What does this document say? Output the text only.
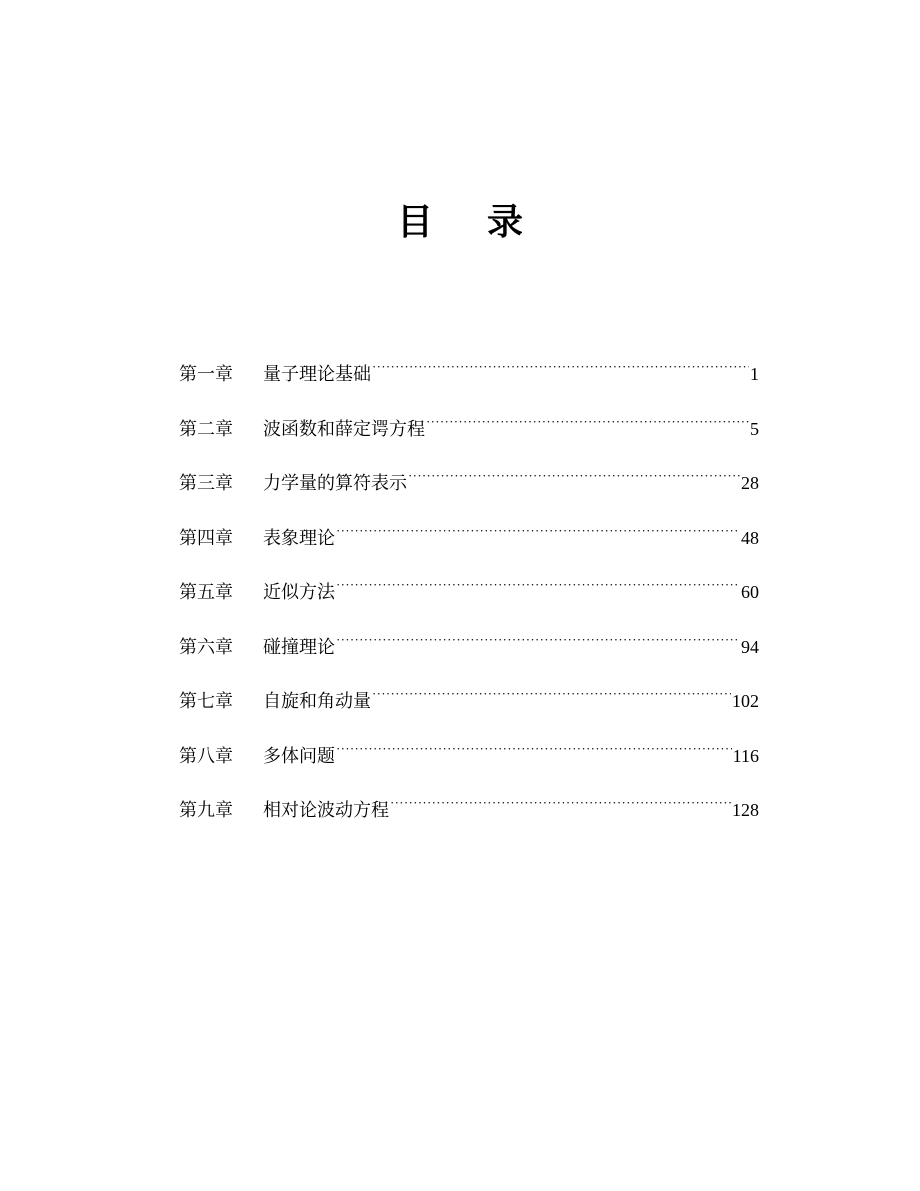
目 录
第一章	量子理论基础 ·····	1
第二章	波函数和薛定谔方程 ·····	5
第三章	力学量的算符表示 ·····	28
第四章	表象理论 ·····	48
第五章	近似方法 ·····	60
第六章	碰撞理论 ·····	94
第七章	自旋和角动量 ·····	102
第八章	多体问题 ·····	116
第九章	相对论波动方程 ·····	128
